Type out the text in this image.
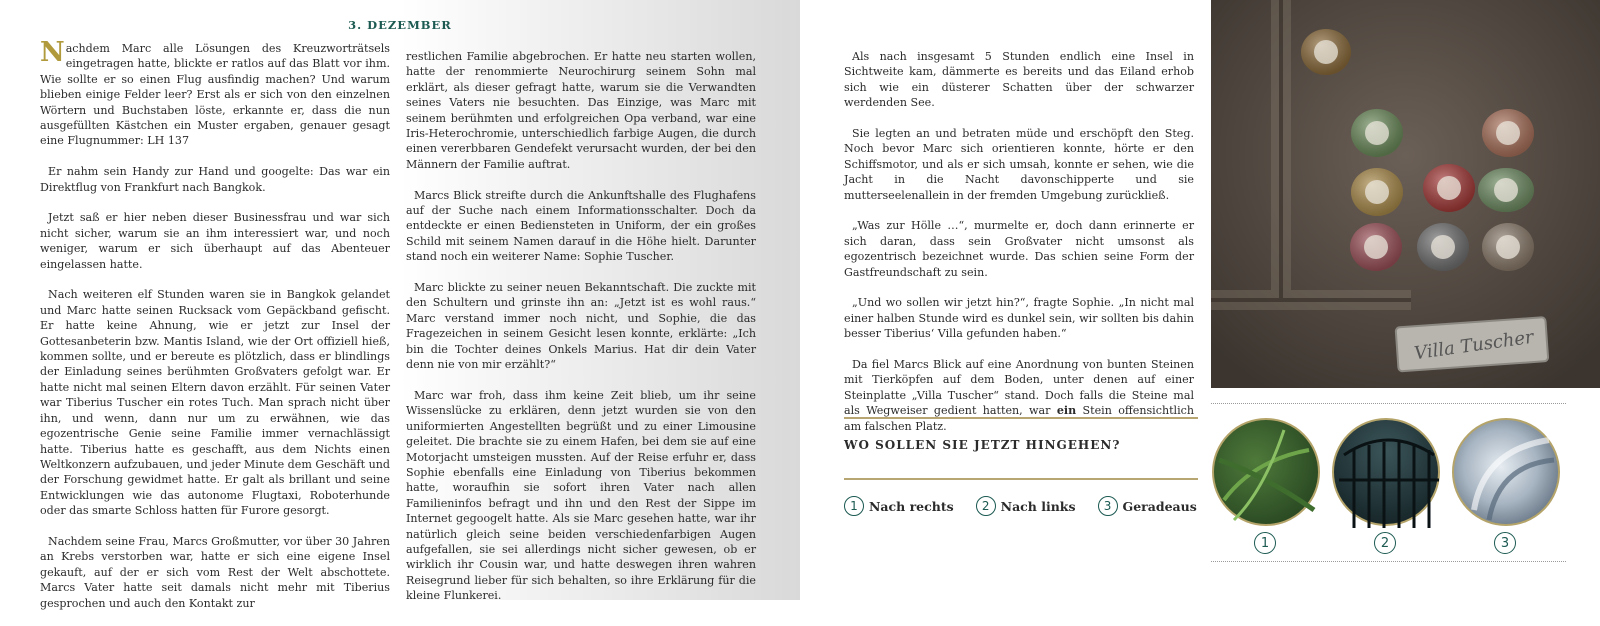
3. DEZEMBER

Nachdem Marc alle Lösungen des Kreuzworträtsels eingetragen hatte, blickte er ratlos auf das Blatt vor ihm. Wie sollte er so einen Flug ausfindig machen? Und warum blieben einige Felder leer? Erst als er sich von den einzelnen Wörtern und Buchstaben löste, erkannte er, dass die nun ausgefüllten Kästchen ein Muster ergaben, genauer gesagt eine Flugnummer: LH 137

Er nahm sein Handy zur Hand und googelte: Das war ein Direktflug von Frankfurt nach Bangkok.

Jetzt saß er hier neben dieser Businessfrau und war sich nicht sicher, warum sie an ihm interessiert war, und noch weniger, warum er sich überhaupt auf das Abenteuer eingelassen hatte.

Nach weiteren elf Stunden waren sie in Bangkok gelandet und Marc hatte seinen Rucksack vom Gepäckband gefischt. Er hatte keine Ahnung, wie er jetzt zur Insel der Gottesanbeterin bzw. Mantis Island, wie der Ort offiziell hieß, kommen sollte, und er bereute es plötzlich, dass er blindlings der Einladung seines berühmten Großvaters gefolgt war. Er hatte nicht mal seinen Eltern davon erzählt. Für seinen Vater war Tiberius Tuscher ein rotes Tuch. Man sprach nicht über ihn, und wenn, dann nur um zu erwähnen, wie das egozentrische Genie seine Familie immer vernachlässigt hatte. Tiberius hatte es geschafft, aus dem Nichts einen Weltkonzern aufzubauen, und jeder Minute dem Geschäft und der Forschung gewidmet hatte. Er galt als brillant und seine Entwicklungen wie das autonome Flugtaxi, Roboterhunde oder das smarte Schloss hatten für Furore gesorgt.

Nachdem seine Frau, Marcs Großmutter, vor über 30 Jahren an Krebs verstorben war, hatte er sich eine eigene Insel gekauft, auf der er sich vom Rest der Welt abschottete. Marcs Vater hatte seit damals nicht mehr mit Tiberius gesprochen und auch den Kontakt zur

restlichen Familie abgebrochen. Er hatte neu starten wollen, hatte der renommierte Neurochirurg seinem Sohn mal erklärt, als dieser gefragt hatte, warum sie die Verwandten seines Vaters nie besuchten. Das Einzige, was Marc mit seinem berühmten und erfolgreichen Opa verband, war eine Iris-Heterochromie, unterschiedlich farbige Augen, die durch einen vererbbaren Gendefekt verursacht wurden, der bei den Männern der Familie auftrat.

Marcs Blick streifte durch die Ankunftshalle des Flughafens auf der Suche nach einem Informationsschalter. Doch da entdeckte er einen Bediensteten in Uniform, der ein großes Schild mit seinem Namen darauf in die Höhe hielt. Darunter stand noch ein weiterer Name: Sophie Tuscher.

Marc blickte zu seiner neuen Bekanntschaft. Die zuckte mit den Schultern und grinste ihn an: „Jetzt ist es wohl raus.“ Marc verstand immer noch nicht, und Sophie, die das Fragezeichen in seinem Gesicht lesen konnte, erklärte: „Ich bin die Tochter deines Onkels Marius. Hat dir dein Vater denn nie von mir erzählt?“

Marc war froh, dass ihm keine Zeit blieb, um ihr seine Wissenslücke zu erklären, denn jetzt wurden sie von den uniformierten Angestellten begrüßt und zu einer Limousine geleitet. Die brachte sie zu einem Hafen, bei dem sie auf eine Motorjacht umsteigen mussten. Auf der Reise erfuhr er, dass Sophie ebenfalls eine Einladung von Tiberius bekommen hatte, woraufhin sie sofort ihren Vater nach allen Familieninfos befragt und ihn und den Rest der Sippe im Internet gegoogelt hatte. Als sie Marc gesehen hatte, war ihr natürlich gleich seine beiden verschiedenfarbigen Augen aufgefallen, sie sei allerdings nicht sicher gewesen, ob er wirklich ihr Cousin war, und hatte deswegen ihren wahren Reisegrund lieber für sich behalten, so ihre Erklärung für die kleine Flunkerei.

Als nach insgesamt 5 Stunden endlich eine Insel in Sichtweite kam, dämmerte es bereits und das Eiland erhob sich wie ein düsterer Schatten über der schwarzer werdenden See.

Sie legten an und betraten müde und erschöpft den Steg. Noch bevor Marc sich orientieren konnte, hörte er den Schiffsmotor, und als er sich umsah, konnte er sehen, wie die Jacht in die Nacht davonschipperte und sie mutterseelenallein in der fremden Umgebung zurückließ.

„Was zur Hölle …“, murmelte er, doch dann erinnerte er sich daran, dass sein Großvater nicht umsonst als egozentrisch bezeichnet wurde. Das schien seine Form der Gastfreundschaft zu sein.

„Und wo sollen wir jetzt hin?“, fragte Sophie. „In nicht mal einer halben Stunde wird es dunkel sein, wir sollten bis dahin besser Tiberius‘ Villa gefunden haben.“

Da fiel Marcs Blick auf eine Anordnung von bunten Steinen mit Tierköpfen auf dem Boden, unter denen auf einer Steinplatte „Villa Tuscher“ stand. Doch falls die Steine mal als Wegweiser gedient hatten, war ein Stein offensichtlich am falschen Platz.

WO SOLLEN SIE JETZT HINGEHEN?
1 Nach rechts	2 Nach links	3 Geradeaus
Villa Tuscher
1	2	3
